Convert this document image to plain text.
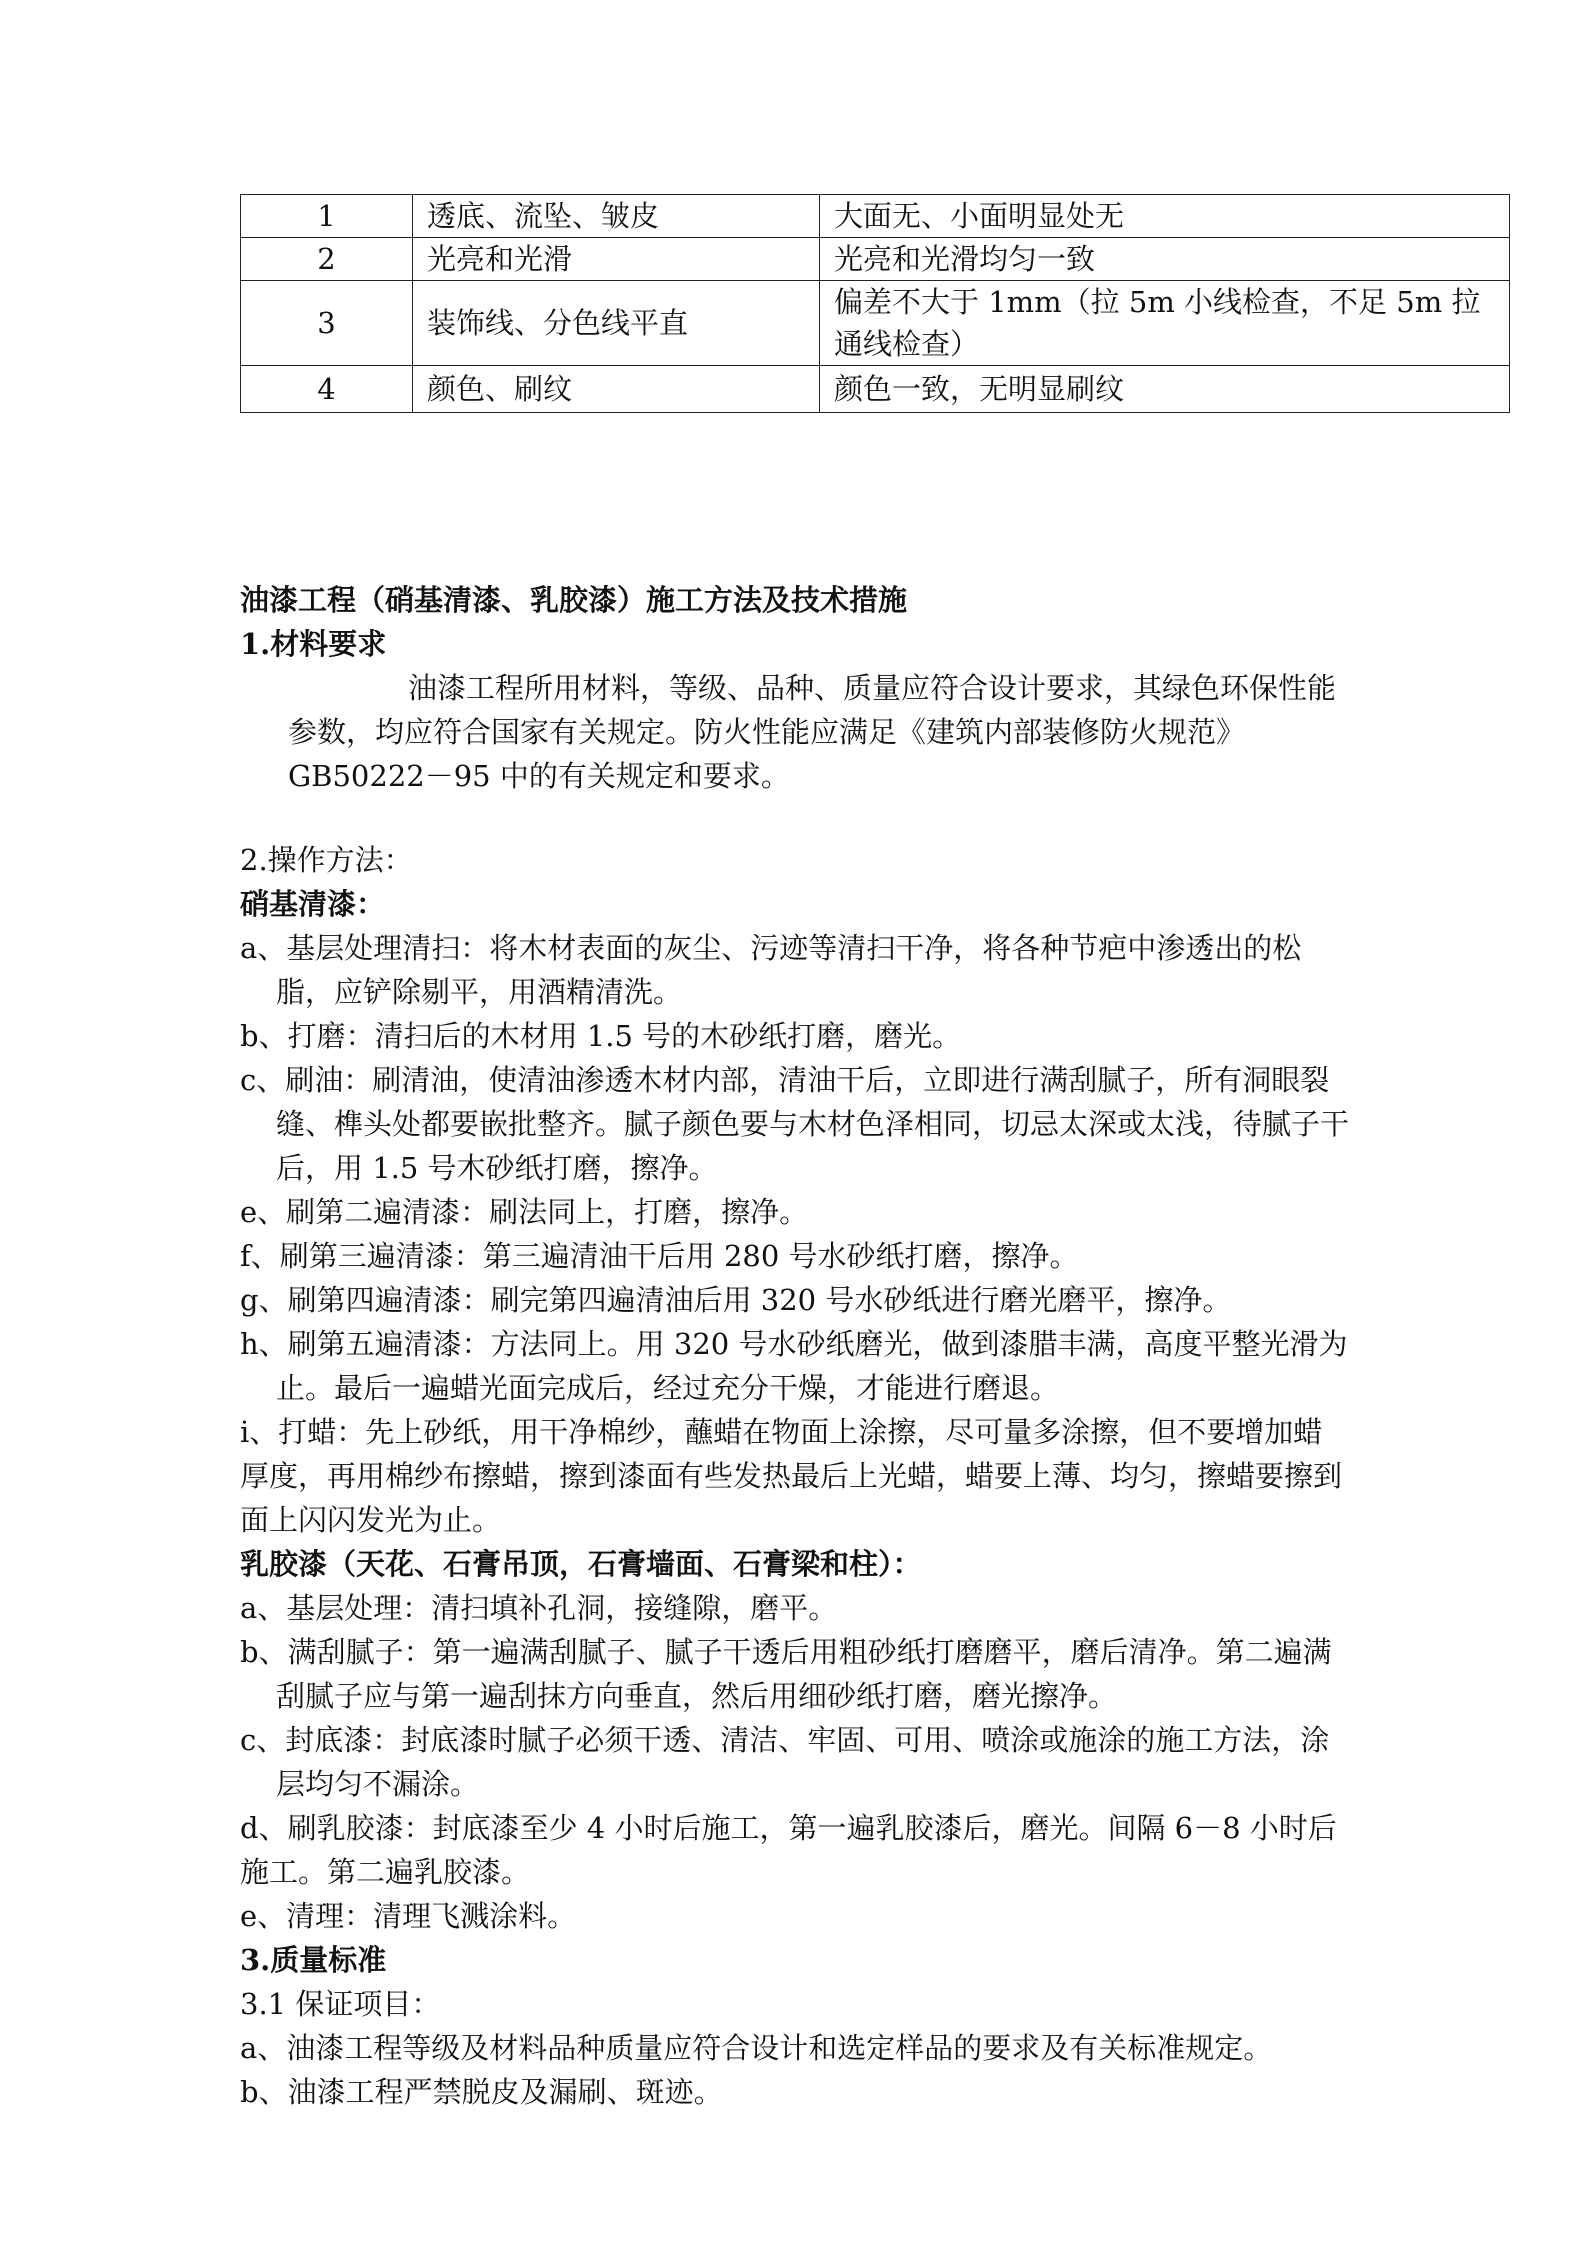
1	透底、流坠、皱皮	大面无、小面明显处无
2	光亮和光滑	光亮和光滑均匀一致
3	装饰线、分色线平直	偏差不大于 1mm（拉 5m 小线检查，不足 5m 拉通线检查）
4	颜色、刷纹	颜色一致，无明显刷纹

油漆工程（硝基清漆、乳胶漆）施工方法及技术措施

1.材料要求

油漆工程所用材料，等级、品种、质量应符合设计要求，其绿色环保性能参数，均应符合国家有关规定。防火性能应满足《建筑内部装修防火规范》GB50222－95 中的有关规定和要求。

2.操作方法：

硝基清漆：

a、基层处理清扫：将木材表面的灰尘、污迹等清扫干净，将各种节疤中渗透出的松脂，应铲除剔平，用酒精清洗。

b、打磨：清扫后的木材用 1.5 号的木砂纸打磨，磨光。

c、刷油：刷清油，使清油渗透木材内部，清油干后，立即进行满刮腻子，所有洞眼裂缝、榫头处都要嵌批整齐。腻子颜色要与木材色泽相同，切忌太深或太浅，待腻子干后，用 1.5 号木砂纸打磨，擦净。

e、刷第二遍清漆：刷法同上，打磨，擦净。

f、刷第三遍清漆：第三遍清油干后用 280 号水砂纸打磨，擦净。

g、刷第四遍清漆：刷完第四遍清油后用 320 号水砂纸进行磨光磨平，擦净。

h、刷第五遍清漆：方法同上。用 320 号水砂纸磨光，做到漆腊丰满，高度平整光滑为止。最后一遍蜡光面完成后，经过充分干燥，才能进行磨退。

i、打蜡：先上砂纸，用干净棉纱，蘸蜡在物面上涂擦，尽可量多涂擦，但不要增加蜡厚度，再用棉纱布擦蜡，擦到漆面有些发热最后上光蜡，蜡要上薄、均匀，擦蜡要擦到面上闪闪发光为止。

乳胶漆（天花、石膏吊顶，石膏墙面、石膏梁和柱）：

a、基层处理：清扫填补孔洞，接缝隙，磨平。

b、满刮腻子：第一遍满刮腻子、腻子干透后用粗砂纸打磨磨平，磨后清净。第二遍满刮腻子应与第一遍刮抹方向垂直，然后用细砂纸打磨，磨光擦净。

c、封底漆：封底漆时腻子必须干透、清洁、牢固、可用、喷涂或施涂的施工方法，涂层均匀不漏涂。

d、刷乳胶漆：封底漆至少 4 小时后施工，第一遍乳胶漆后，磨光。间隔 6－8 小时后施工。第二遍乳胶漆。

e、清理：清理飞溅涂料。

3.质量标准

3.1 保证项目：

a、油漆工程等级及材料品种质量应符合设计和选定样品的要求及有关标准规定。

b、油漆工程严禁脱皮及漏刷、斑迹。
